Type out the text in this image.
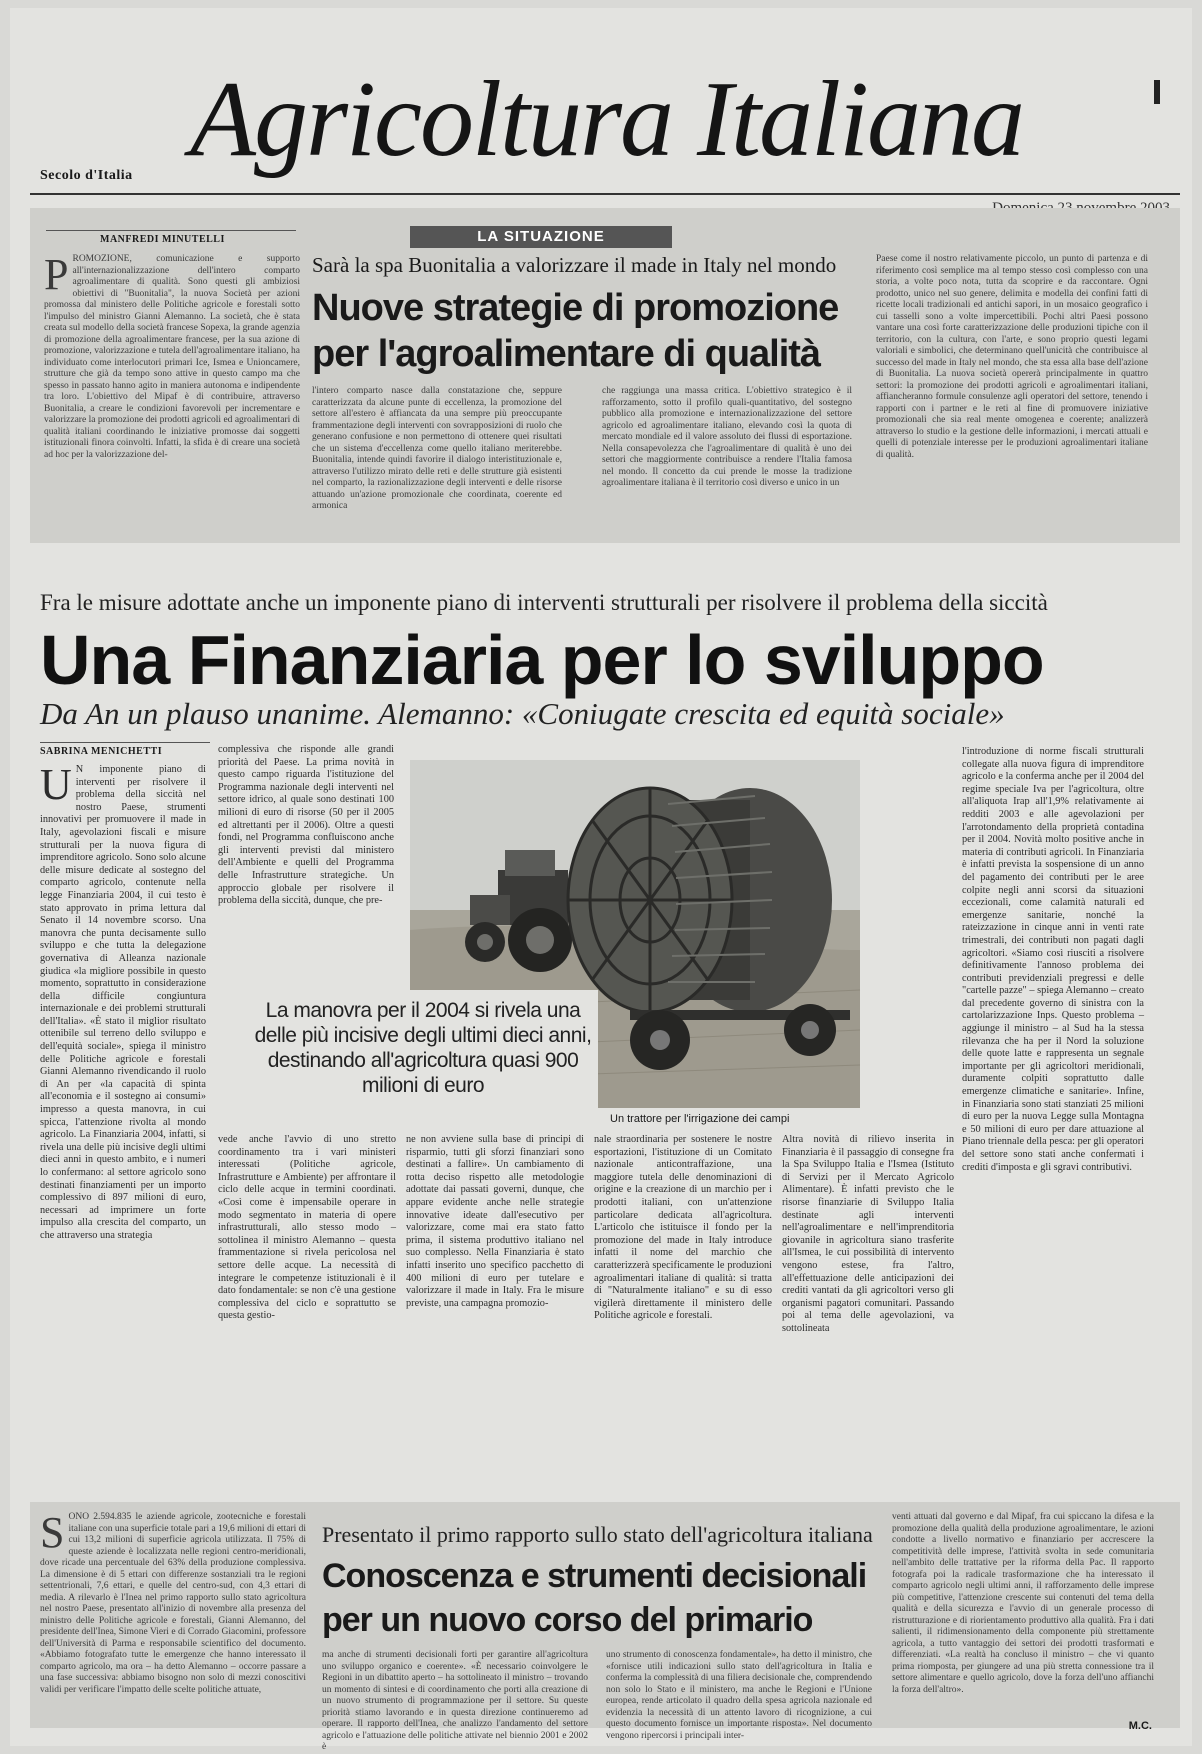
Agricoltura Italiana
Secolo d'Italia
MANFREDI MINUTELLI
PROMOZIONE, comunicazione e supporto all'internazionalizzazione dell'intero comparto agroalimentare di qualità. Sono questi gli ambiziosi obiettivi di "Buonitalia", la nuova Società per azioni promossa dal ministero delle Politiche agricole e forestali sotto l'impulso del ministro Gianni Alemanno. La società, che è stata creata sul modello della società francese Sopexa, la grande agenzia di promozione della agroalimentare francese, per la sua azione di promozione, valorizzazione e tutela dell'agroalimentare italiano, ha individuato come interlocutori primari Ice, Ismea e Unioncamere, strutture che già da tempo sono attive in questo campo ma che spesso in passato hanno agito in maniera autonoma e indipendente tra loro. L'obiettivo del Mipaf è di contribuire, attraverso Buonitalia, a creare le condizioni favorevoli per incrementare e valorizzare la promozione dei prodotti agricoli ed agroalimentari di qualità italiani coordinando le iniziative promosse dai soggetti istituzionali finora coinvolti. Infatti, la sfida è di creare una società ad hoc per la valorizzazione del-
LA SITUAZIONE
Sarà la spa Buonitalia a valorizzare il made in Italy nel mondo
Nuove strategie di promozione per l'agroalimentare di qualità
l'intero comparto nasce dalla constatazione che, seppure caratterizzata da alcune punte di eccellenza, la promozione del settore all'estero è affiancata da una sempre più preoccupante frammentazione degli interventi con sovrapposizioni di ruolo che generano confusione e non permettono di ottenere quei risultati che un sistema d'eccellenza come quello italiano meriterebbe. Buonitalia, intende quindi favorire il dialogo interistituzionale e, attraverso l'utilizzo mirato delle reti e delle strutture già esistenti nel comparto, la razionalizzazione degli interventi e delle risorse attuando un'azione promozionale che coordinata, coerente ed armonica
che raggiunga una massa critica. L'obiettivo strategico è il rafforzamento, sotto il profilo quali-quantitativo, del sostegno pubblico alla promozione e internazionalizzazione del settore agricolo ed agroalimentare italiano, elevando così la quota di mercato mondiale ed il valore assoluto dei flussi di esportazione. Nella consapevolezza che l'agroalimentare di qualità è uno dei settori che maggiormente contribuisce a rendere l'Italia famosa nel mondo. Il concetto da cui prende le mosse la tradizione agroalimentare italiana è il territorio così diverso e unico in un
Paese come il nostro relativamente piccolo, un punto di partenza e di riferimento così semplice ma al tempo stesso così complesso con una storia, a volte poco nota, tutta da scoprire e da raccontare. Ogni prodotto, unico nel suo genere, delimita e modella dei confini fatti di ricette locali tradizionali ed antichi sapori, in un mosaico geografico i cui tasselli sono a volte impercettibili. Pochi altri Paesi possono vantare una così forte caratterizzazione delle produzioni tipiche con il territorio, con la cultura, con l'arte, e sono proprio questi legami valoriali e simbolici, che determinano quell'unicità che contribuisce al successo del made in Italy nel mondo, che sta essa alla base dell'azione di Buonitalia. La nuova società opererà principalmente in quattro settori: la promozione dei prodotti agricoli e agroalimentari italiani, affiancheranno formule consulenze agli operatori del settore, tenendo i rapporti con i partner e le reti al fine di promuovere iniziative promozionali che sia real mente omogenea e coerente; analizzerà attraverso lo studio e la gestione delle informazioni, i mercati attuali e quelli di potenziale interesse per le produzioni agroalimentari italiane di qualità.
Fra le misure adottate anche un imponente piano di interventi strutturali per risolvere il problema della siccità
Una Finanziaria per lo sviluppo
Da An un plauso unanime. Alemanno: «Coniugate crescita ed equità sociale»
SABRINA MENICHETTI
U N imponente piano di interventi per risolvere il problema della siccità nel nostro Paese, strumenti innovativi per promuovere il made in Italy, agevolazioni fiscali e misure strutturali per la nuova figura di imprenditore agricolo. Sono solo alcune delle misure dedicate al sostegno del comparto agricolo, contenute nella legge Finanziaria 2004, il cui testo è stato approvato in prima lettura dal Senato il 14 novembre scorso. Una manovra che punta decisamente sullo sviluppo e che tutta la delegazione governativa di Alleanza nazionale giudica «la migliore possibile in questo momento, soprattutto in considerazione della difficile congiuntura internazionale e dei problemi strutturali dell'Italia». «È stato il miglior risultato ottenibile sul terreno dello sviluppo e dell'equità sociale», spiega il ministro delle Politiche agricole e forestali Gianni Alemanno rivendicando il ruolo di An per «la capacità di spinta all'economia e il sostegno ai consumi» impresso a questa manovra, in cui spicca, l'attenzione rivolta al mondo agricolo. La Finanziaria 2004, infatti, si rivela una delle più incisive degli ultimi dieci anni in questo ambito, e i numeri lo confermano: al settore agricolo sono destinati finanziamenti per un importo complessivo di 897 milioni di euro, necessari ad imprimere un forte impulso alla crescita del comparto, un che attraverso una strategia
complessiva che risponde alle grandi priorità del Paese. La prima novità in questo campo riguarda l'istituzione del Programma nazionale degli interventi nel settore idrico, al quale sono destinati 100 milioni di euro di risorse (50 per il 2005 ed altrettanti per il 2006). Oltre a questi fondi, nel Programma confluiscono anche gli interventi previsti dal ministero dell'Ambiente e quelli del Programma delle Infrastrutture strategiche. Un approccio globale per risolvere il problema della siccità, dunque, che pre-
La manovra per il 2004 si rivela una delle più incisive degli ultimi dieci anni, destinando all'agricoltura quasi 900 milioni di euro
Un trattore per l'irrigazione dei campi
l'introduzione di norme fiscali strutturali collegate alla nuova figura di imprenditore agricolo e la conferma anche per il 2004 del regime speciale Iva per l'agricoltura, oltre all'aliquota Irap all'1,9% relativamente ai redditi 2003 e alle agevolazioni per l'arrotondamento della proprietà contadina per il 2004. Novità molto positive anche in materia di contributi agricoli. In Finanziaria è infatti prevista la sospensione di un anno del pagamento dei contributi per le aree colpite negli anni scorsi da situazioni eccezionali, come calamità naturali ed emergenze sanitarie, nonché la rateizzazione in cinque anni in venti rate trimestrali, dei contributi non pagati dagli agricoltori. «Siamo così riusciti a risolvere definitivamente l'annoso problema dei contributi previdenziali pregressi e delle "cartelle pazze" – spiega Alemanno – creato dal precedente governo di sinistra con la cartolarizzazione Inps. Questo problema – aggiunge il ministro – al Sud ha la stessa rilevanza che ha per il Nord la soluzione delle quote latte e rappresenta un segnale importante per gli agricoltori meridionali, duramente colpiti soprattutto dalle emergenze climatiche e sanitarie». Infine, in Finanziaria sono stati stanziati 25 milioni di euro per la nuova Legge sulla Montagna e 50 milioni di euro per dare attuazione al Piano triennale della pesca: per gli operatori del settore sono stati anche confermati i crediti d'imposta e gli sgravi contributivi.
vede anche l'avvio di uno stretto coordinamento tra i vari ministeri interessati (Politiche agricole, Infrastrutture e Ambiente) per affrontare il ciclo delle acque in termini coordinati. «Così come è impensabile operare in modo segmentato in materia di opere infrastrutturali, allo stesso modo – sottolinea il ministro Alemanno – questa frammentazione si rivela pericolosa nel settore delle acque. La necessità di integrare le competenze istituzionali è il dato fondamentale: se non c'è una gestione complessiva del ciclo e soprattutto se questa gestio-
ne non avviene sulla base di principi di risparmio, tutti gli sforzi finanziari sono destinati a fallire». Un cambiamento di rotta deciso rispetto alle metodologie adottate dai passati governi, dunque, che appare evidente anche nelle strategie innovative ideate dall'esecutivo per valorizzare, come mai era stato fatto prima, il sistema produttivo italiano nel suo complesso. Nella Finanziaria è stato infatti inserito uno specifico pacchetto di 400 milioni di euro per tutelare e valorizzare il made in Italy. Fra le misure previste, una campagna promozio-
nale straordinaria per sostenere le nostre esportazioni, l'istituzione di un Comitato nazionale anticontraffazione, una maggiore tutela delle denominazioni di origine e la creazione di un marchio per i prodotti italiani, con un'attenzione particolare dedicata all'agricoltura. L'articolo che istituisce il fondo per la promozione del made in Italy introduce infatti il nome del marchio che caratterizzerà specificamente le produzioni agroalimentari italiane di qualità: si tratta di "Naturalmente italiano" e su di esso vigilerà direttamente il ministero delle Politiche agricole e forestali.
Altra novità di rilievo inserita in Finanziaria è il passaggio di consegne fra la Spa Sviluppo Italia e l'Ismea (Istituto di Servizi per il Mercato Agricolo Alimentare). È infatti previsto che le risorse finanziarie di Sviluppo Italia destinate agli interventi nell'agroalimentare e nell'imprenditoria giovanile in agricoltura siano trasferite all'Ismea, le cui possibilità di intervento vengono estese, fra l'altro, all'effettuazione delle anticipazioni dei crediti vantati da gli agricoltori verso gli organismi pagatori comunitari. Passando poi al tema delle agevolazioni, va sottolineata
SONO 2.594.835 le aziende agricole, zootecniche e forestali italiane con una superficie totale pari a 19,6 milioni di ettari di cui 13,2 milioni di superficie agricola utilizzata. Il 75% di queste aziende è localizzata nelle regioni centro-meridionali, dove ricade una percentuale del 63% della produzione complessiva. La dimensione è di 5 ettari con differenze sostanziali tra le regioni settentrionali, 7,6 ettari, e quelle del centro-sud, con 4,3 ettari di media. A rilevarlo è l'Inea nel primo rapporto sullo stato agricoltura nel nostro Paese, presentato all'inizio di novembre alla presenza del ministro delle Politiche agricole e forestali, Gianni Alemanno, del presidente dell'Inea, Simone Vieri e di Corrado Giacomini, professore dell'Università di Parma e responsabile scientifico del documento. «Abbiamo fotografato tutte le emergenze che hanno interessato il comparto agricolo, ma ora – ha detto Alemanno – occorre passare a una fase successiva: abbiamo bisogno non solo di mezzi conoscitivi validi per verificare l'impatto delle scelte politiche attuate,
Presentato il primo rapporto sullo stato dell'agricoltura italiana
Conoscenza e strumenti decisionali per un nuovo corso del primario
ma anche di strumenti decisionali forti per garantire all'agricoltura uno sviluppo organico e coerente». «È necessario coinvolgere le Regioni in un dibattito aperto – ha sottolineato il ministro – trovando un momento di sintesi e di coordinamento che porti alla creazione di un nuovo strumento di programmazione per il settore. Su queste priorità stiamo lavorando e in questa direzione continueremo ad operare. Il rapporto dell'Inea, che analizzo l'andamento del settore agricolo e l'attuazione delle politiche attivate nel biennio 2001 e 2002 è
uno strumento di conoscenza fondamentale», ha detto il ministro, che «fornisce utili indicazioni sullo stato dell'agricoltura in Italia e conferma la complessità di una filiera decisionale che, comprendendo non solo lo Stato e il ministero, ma anche le Regioni e l'Unione europea, rende articolato il quadro della spesa agricola nazionale ed evidenzia la necessità di un attento lavoro di ricognizione, a cui questo documento fornisce un importante risposta». Nel documento vengono ripercorsi i principali inter-
venti attuati dal governo e dal Mipaf, fra cui spiccano la difesa e la promozione della qualità della produzione agroalimentare, le azioni condotte a livello normativo e finanziario per accrescere la competitività delle imprese, l'attività svolta in sede comunitaria nell'ambito delle trattative per la riforma della Pac. Il rapporto fotografa poi la radicale trasformazione che ha interessato il comparto agricolo negli ultimi anni, il rafforzamento delle imprese più competitive, l'attenzione crescente sui contenuti del tema della qualità e della sicurezza e l'avvio di un generale processo di ristrutturazione e di riorientamento produttivo alla qualità. Fra i dati salienti, il ridimensionamento della componente più strettamente agricola, a tutto vantaggio dei settori dei prodotti trasformati e differenziati. «La realtà ha concluso il ministro – che vi quanto prima riomposta, per giungere ad una più stretta connessione tra il settore alimentare e quello agricolo, dove la forza dell'uno affianchi la forza dell'altro».
M.C.
